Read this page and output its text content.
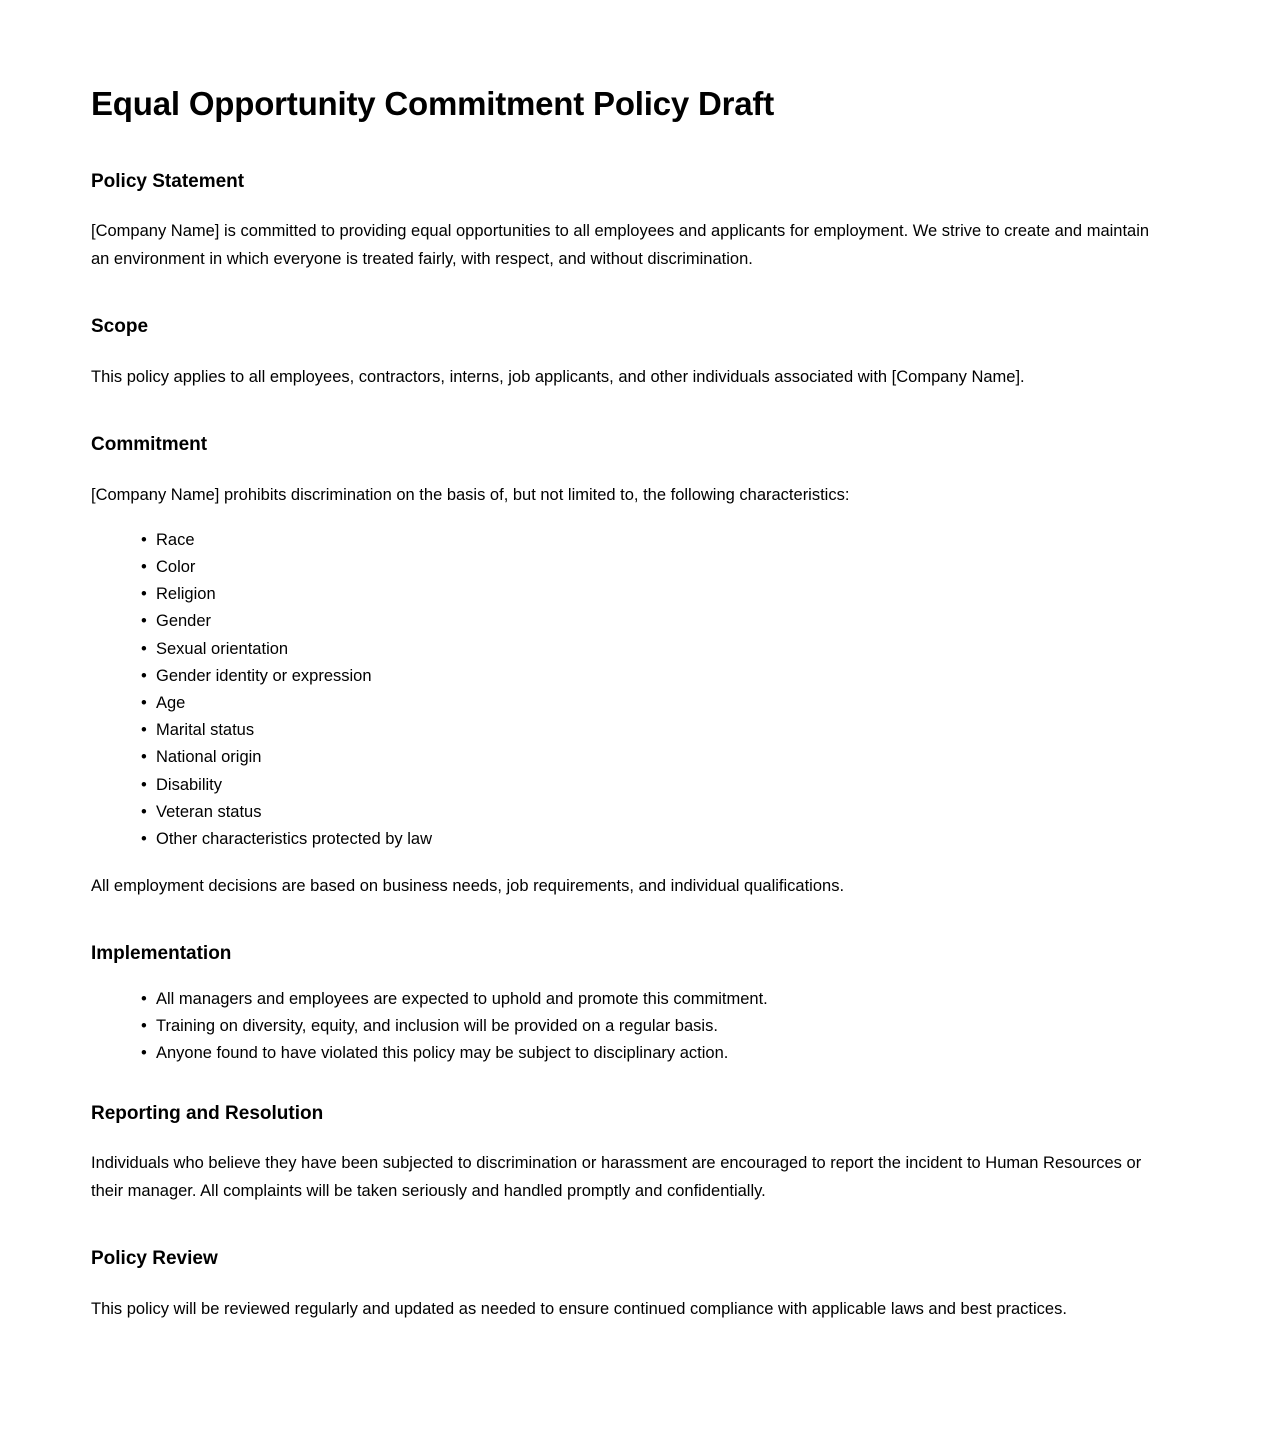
Equal Opportunity Commitment Policy Draft
Policy Statement

[Company Name] is committed to providing equal opportunities to all employees and applicants for employment. We strive to create and maintain an environment in which everyone is treated fairly, with respect, and without discrimination.

Scope

This policy applies to all employees, contractors, interns, job applicants, and other individuals associated with [Company Name].

Commitment

[Company Name] prohibits discrimination on the basis of, but not limited to, the following characteristics:

• Race
• Color
• Religion
• Gender
• Sexual orientation
• Gender identity or expression
• Age
• Marital status
• National origin
• Disability
• Veteran status
• Other characteristics protected by law

All employment decisions are based on business needs, job requirements, and individual qualifications.

Implementation
• All managers and employees are expected to uphold and promote this commitment.
• Training on diversity, equity, and inclusion will be provided on a regular basis.
• Anyone found to have violated this policy may be subject to disciplinary action.
Reporting and Resolution

Individuals who believe they have been subjected to discrimination or harassment are encouraged to report the incident to Human Resources or their manager. All complaints will be taken seriously and handled promptly and confidentially.

Policy Review

This policy will be reviewed regularly and updated as needed to ensure continued compliance with applicable laws and best practices.
